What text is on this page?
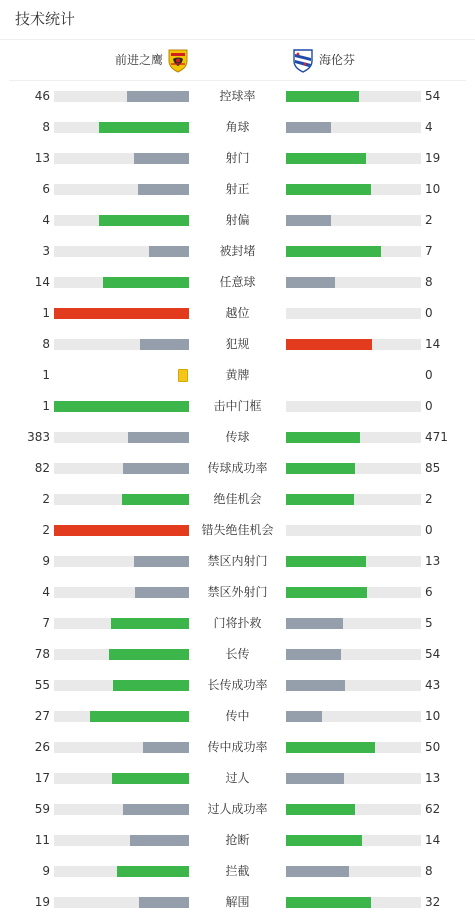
技术统计
前进之鹰	海伦芬
46	控球率	54
8	角球	4
13	射门	19
6	射正	10
4	射偏	2
3	被封堵	7
14	任意球	8
1	越位	0
8	犯规	14
1	黄牌	0
1	击中门框	0
383	传球	471
82	传球成功率	85
2	绝佳机会	2
2	错失绝佳机会	0
9	禁区内射门	13
4	禁区外射门	6
7	门将扑救	5
78	长传	54
55	长传成功率	43
27	传中	10
26	传中成功率	50
17	过人	13
59	过人成功率	62
11	抢断	14
9	拦截	8
19	解围	32
